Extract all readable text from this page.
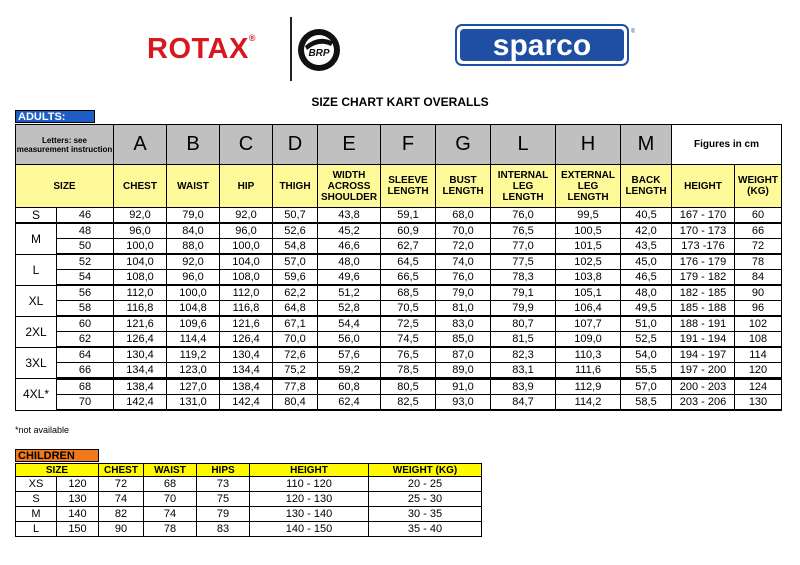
ROTAX®
BRP	sparco	®
SIZE CHART KART OVERALLS
ADULTS:
Letters: see measurement instruction		A	B	C	D	E	F	G	L	H	M	Figures in cm	
SIZE		CHEST	WAIST	HIP	THIGH	WIDTH ACROSS SHOULDER	SLEEVE LENGTH	BUST LENGTH	INTERNAL LEG LENGTH	EXTERNAL LEG LENGTH	BACK LENGTH	HEIGHT	WEIGHT (KG)
S	46	92,0	79,0	92,0	50,7	43,8	59,1	68,0	76,0	99,5	40,5	167 - 170	60
M	48	96,0	84,0	96,0	52,6	45,2	60,9	70,0	76,5	100,5	42,0	170 - 173	66
	50	100,0	88,0	100,0	54,8	46,6	62,7	72,0	77,0	101,5	43,5	173 -176	72
L	52	104,0	92,0	104,0	57,0	48,0	64,5	74,0	77,5	102,5	45,0	176 - 179	78
	54	108,0	96,0	108,0	59,6	49,6	66,5	76,0	78,3	103,8	46,5	179 - 182	84
XL	56	112,0	100,0	112,0	62,2	51,2	68,5	79,0	79,1	105,1	48,0	182 - 185	90
	58	116,8	104,8	116,8	64,8	52,8	70,5	81,0	79,9	106,4	49,5	185 - 188	96
2XL	60	121,6	109,6	121,6	67,1	54,4	72,5	83,0	80,7	107,7	51,0	188 - 191	102
	62	126,4	114,4	126,4	70,0	56,0	74,5	85,0	81,5	109,0	52,5	191 - 194	108
3XL	64	130,4	119,2	130,4	72,6	57,6	76,5	87,0	82,3	110,3	54,0	194 - 197	114
	66	134,4	123,0	134,4	75,2	59,2	78,5	89,0	83,1	111,6	55,5	197 - 200	120
4XL*	68	138,4	127,0	138,4	77,8	60,8	80,5	91,0	83,9	112,9	57,0	200 - 203	124
	70	142,4	131,0	142,4	80,4	62,4	82,5	93,0	84,7	114,2	58,5	203 - 206	130
*not available
CHILDREN
SIZE		CHEST	WAIST	HIPS	HEIGHT	WEIGHT (KG)
XS	120	72	68	73	110 - 120	20 - 25
S	130	74	70	75	120 - 130	25 - 30
M	140	82	74	79	130 - 140	30 - 35
L	150	90	78	83	140 - 150	35 - 40
